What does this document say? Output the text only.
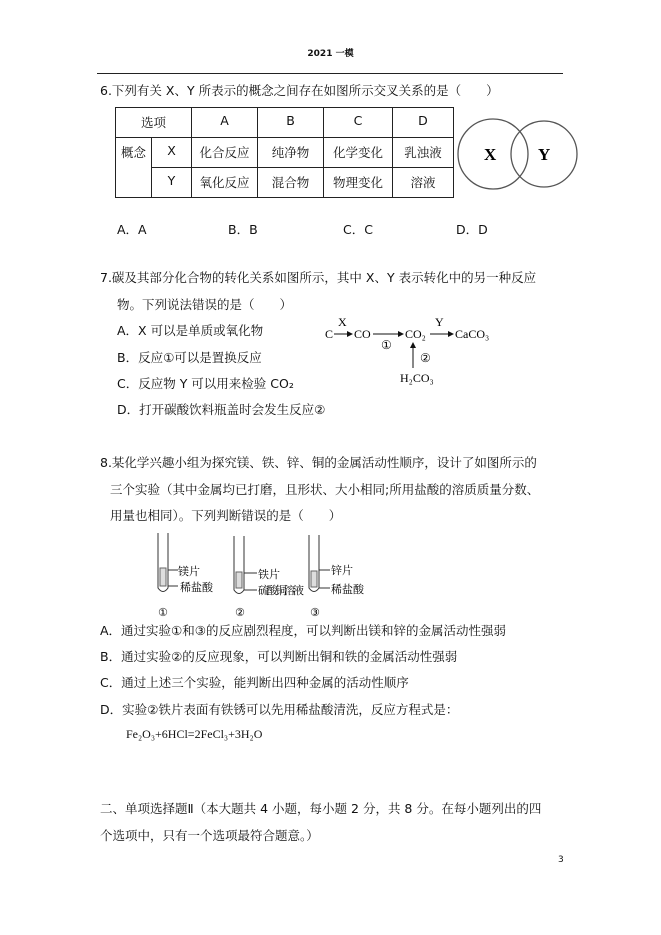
2021 一模
6.下列有关 X、Y 所表示的概念之间存在如图所示交叉关系的是（　　）
选项		A	B	C	D
概念	X	化合反应	纯净物	化学变化	乳浊液
	Y	氧化反应	混合物	物理变化	溶液
X Y
A．A	B．B	C．C	D．D
7.碳及其部分化合物的转化关系如图所示，其中 X、Y 表示转化中的另一种反应
物。下列说法错误的是（　　）
A．X 可以是单质或氧化物
B．反应①可以是置换反应
C．反应物 Y 可以用来检验 CO₂
D．打开碳酸饮料瓶盖时会发生反应②
C
X
CO
①
CO₂
Y
CaCO₃
②
H₂CO₃
8.某化学兴趣小组为探究镁、铁、锌、铜的金属活动性顺序，设计了如图所示的
三个实验（其中金属均已打磨，且形状、大小相同;所用盐酸的溶质质量分数、
用量也相同）。下列判断错误的是（　　）
镁片
稀盐酸
①
铁片
硫酸铜溶液
②
锌片
稀盐酸
③
A．通过实验①和③的反应剧烈程度，可以判断出镁和锌的金属活动性强弱
B．通过实验②的反应现象，可以判断出铜和铁的金属活动性强弱
C．通过上述三个实验，能判断出四种金属的活动性顺序
D．实验②铁片表面有铁锈可以先用稀盐酸清洗，反应方程式是：
Fe₂O₃+6HCl=2FeCl₃+3H₂O
二、单项选择题Ⅱ（本大题共 4 小题，每小题 2 分，共 8 分。在每小题列出的四
个选项中，只有一个选项最符合题意。）
3
